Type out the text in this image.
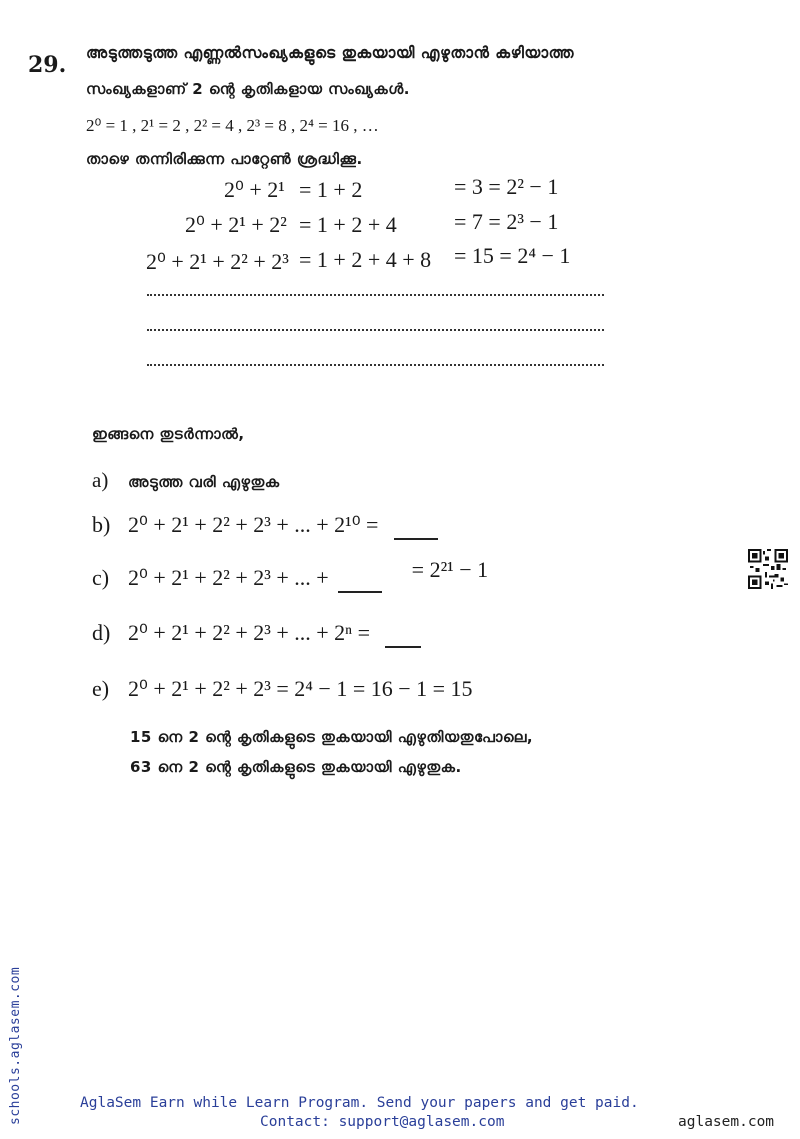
29. അടുത്തടുത്ത എണ്ണൽസംഖ്യകളുടെ തുകയായി എഴുതാൻ കഴിയാത്ത
സംഖ്യകളാണ് 2 ന്റെ കൃതികളായ സംഖ്യകൾ.
2⁰ = 1 , 2¹ = 2 , 2² = 4 , 2³ = 8 , 2⁴ = 16 , …
താഴെ തന്നിരിക്കുന്ന പാറ്റേൺ ശ്രദ്ധിക്കൂ.
2⁰ + 2¹ = 1 + 2	= 3 = 2² − 1
2⁰ + 2¹ + 2² = 1 + 2 + 4	= 7 = 2³ − 1
2⁰ + 2¹ + 2² + 2³ = 1 + 2 + 4 + 8 = 15 = 2⁴ − 1
ഇങ്ങനെ തുടർന്നാൽ,
a) അടുത്ത വരി എഴുതുക
b) 2⁰ + 2¹ + 2² + 2³ + ... + 2¹⁰ =
c) 2⁰ + 2¹ + 2² + 2³ + ... +	= 2²¹ − 1
d) 2⁰ + 2¹ + 2² + 2³ + ... + 2ⁿ =
e) 2⁰ + 2¹ + 2² + 2³ = 2⁴ − 1 = 16 − 1 = 15
15 നെ 2 ന്റെ കൃതികളുടെ തുകയായി എഴുതിയതുപോലെ,
63 നെ 2 ന്റെ കൃതികളുടെ തുകയായി എഴുതുക.
schools.aglasem.com	AglaSem Earn while Learn Program. Send your papers and get paid.
Contact: support@aglasem.com	aglasem.com
